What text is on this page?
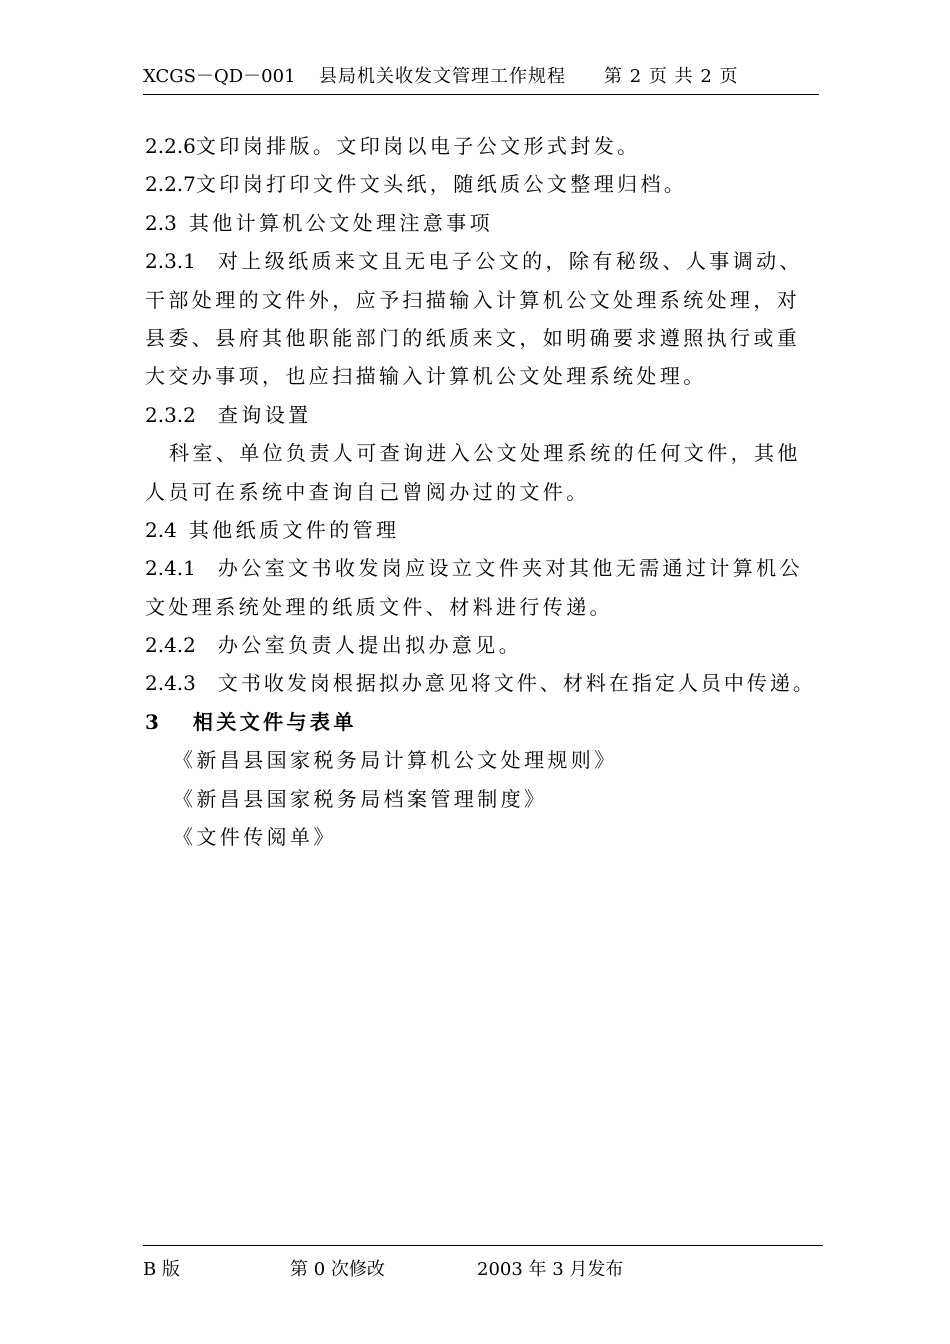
XCGS－QD－001 县局机关收发文管理工作规程 第 2 页 共 2 页
2.2.6文印岗排版。文印岗以电子公文形式封发。
2.2.7文印岗打印文件文头纸，随纸质公文整理归档。
2.3 其他计算机公文处理注意事项
2.3.1 对上级纸质来文且无电子公文的，除有秘级、人事调动、
干部处理的文件外，应予扫描输入计算机公文处理系统处理，对
县委、县府其他职能部门的纸质来文，如明确要求遵照执行或重
大交办事项，也应扫描输入计算机公文处理系统处理。
2.3.2 查询设置
科室、单位负责人可查询进入公文处理系统的任何文件，其他
人员可在系统中查询自己曾阅办过的文件。
2.4 其他纸质文件的管理
2.4.1 办公室文书收发岗应设立文件夹对其他无需通过计算机公
文处理系统处理的纸质文件、材料进行传递。
2.4.2 办公室负责人提出拟办意见。
2.4.3 文书收发岗根据拟办意见将文件、材料在指定人员中传递。
3 相关文件与表单
《新昌县国家税务局计算机公文处理规则》
《新昌县国家税务局档案管理制度》
《文件传阅单》
B 版	第 0 次修改	2003 年 3 月发布
